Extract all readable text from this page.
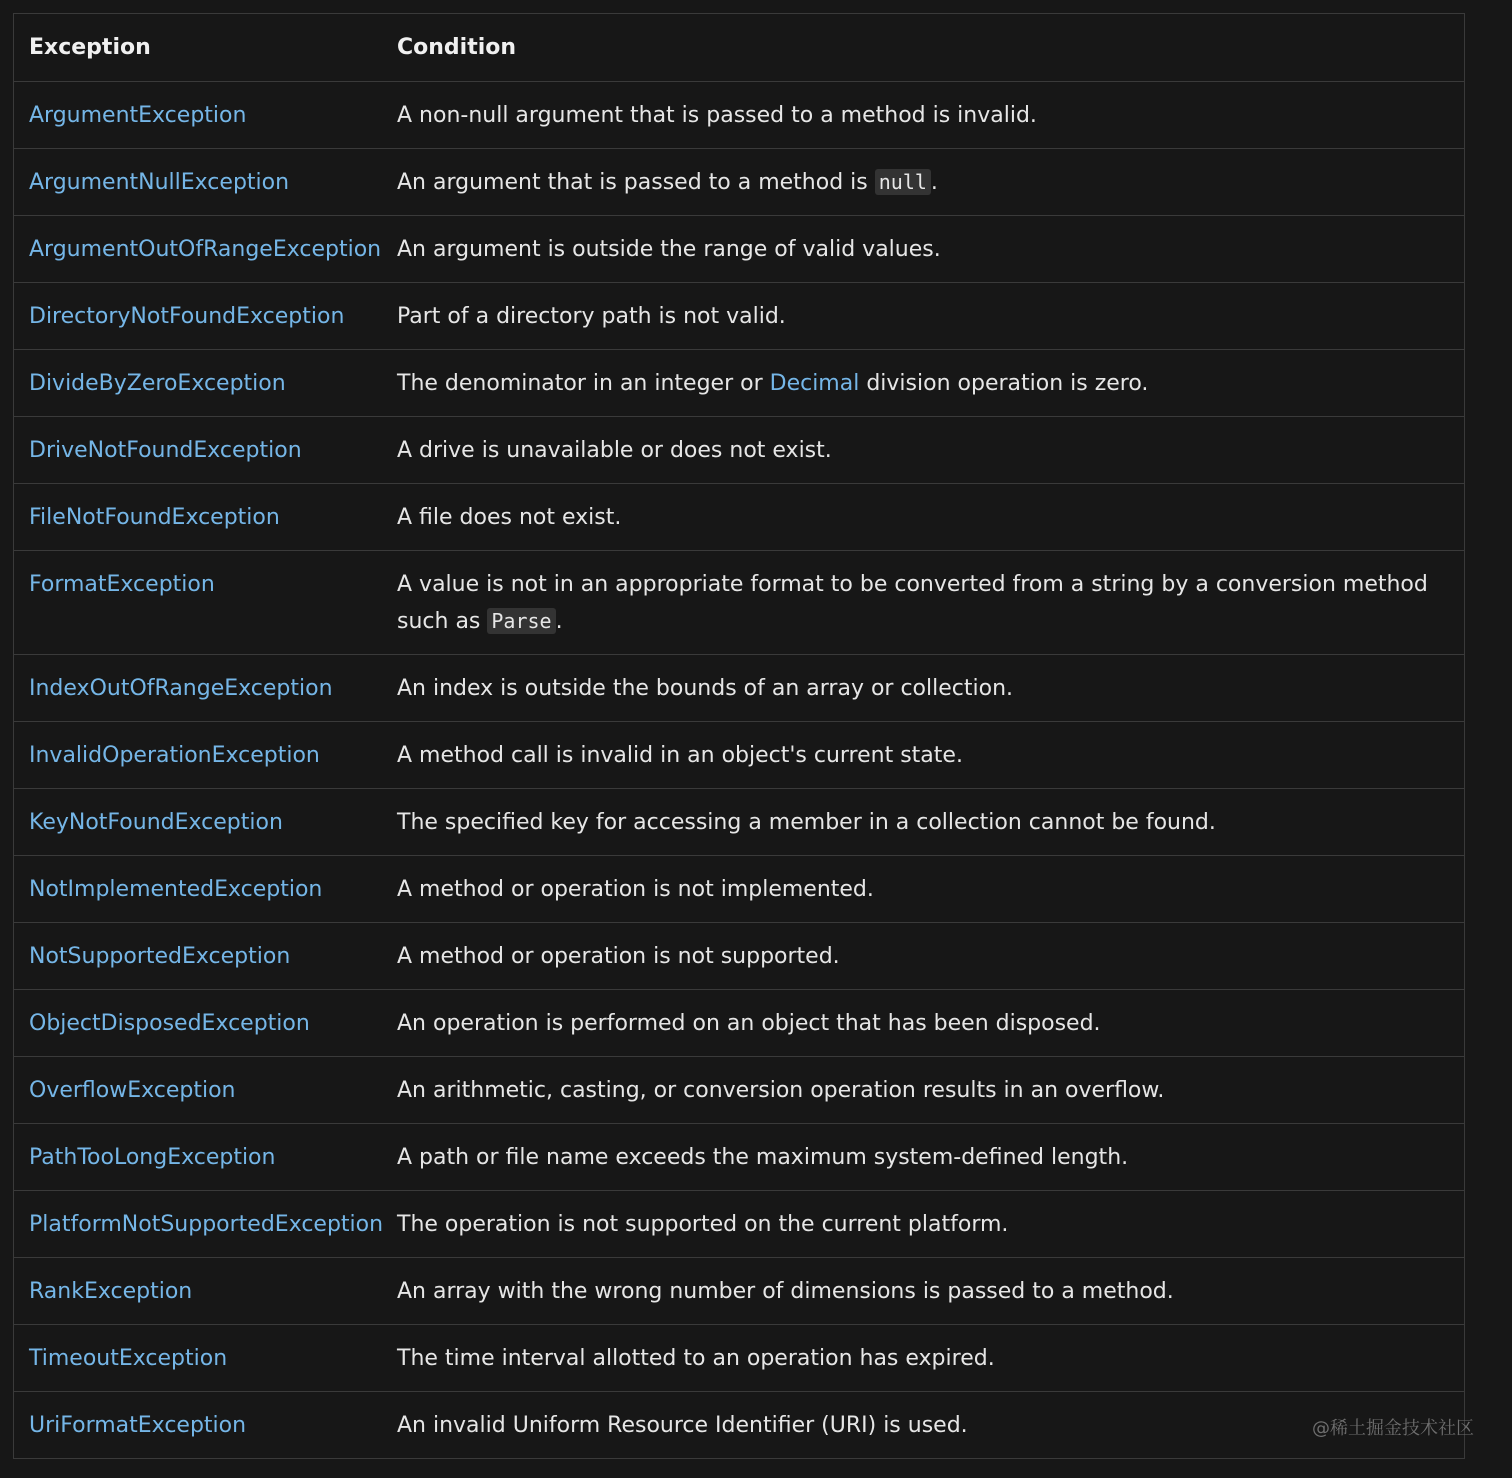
Exception	Condition
ArgumentException	A non-null argument that is passed to a method is invalid.
ArgumentNullException	An argument that is passed to a method is null .
ArgumentOutOfRangeException An argument is outside the range of valid values.
DirectoryNotFoundException	Part of a directory path is not valid.
DivideByZeroException	The denominator in an integer or Decimal division operation is zero.
DriveNotFoundException	A drive is unavailable or does not exist.
FileNotFoundException	A file does not exist.
FormatException	A value is not in an appropriate format to be converted from a string by a conversion method such as Parse .
IndexOutOfRangeException	An index is outside the bounds of an array or collection.
InvalidOperationException	A method call is invalid in an object's current state.
KeyNotFoundException	The specified key for accessing a member in a collection cannot be found.
NotImplementedException	A method or operation is not implemented.
NotSupportedException	A method or operation is not supported.
ObjectDisposedException	An operation is performed on an object that has been disposed.
OverflowException	An arithmetic, casting, or conversion operation results in an overflow.
PathTooLongException	A path or file name exceeds the maximum system-defined length.
PlatformNotSupportedException The operation is not supported on the current platform.
RankException	An array with the wrong number of dimensions is passed to a method.
TimeoutException	The time interval allotted to an operation has expired.
UriFormatException	An invalid Uniform Resource Identifier (URI) is used.	@稀土掘金技术社区
